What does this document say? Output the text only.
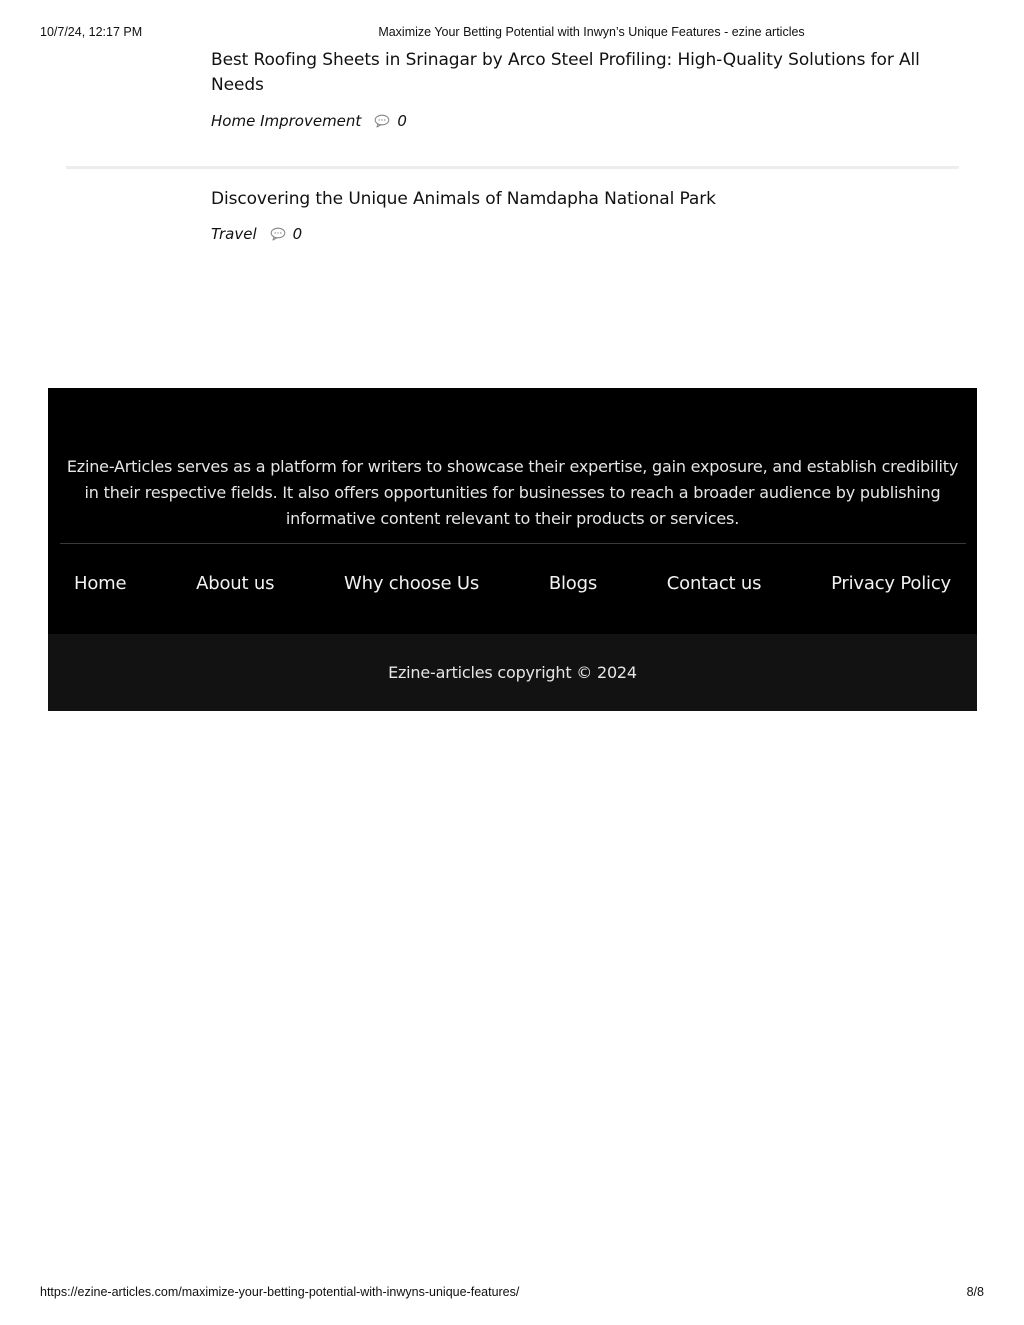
10/7/24, 12:17 PM	Maximize Your Betting Potential with Inwyn’s Unique Features - ezine articles
Best Roofing Sheets in Srinagar by Arco Steel Profiling: High-Quality Solutions for All Needs
Home Improvement 0
Discovering the Unique Animals of Namdapha National Park
Travel 0

Ezine-Articles serves as a platform for writers to showcase their expertise, gain exposure, and establish credibility in their respective fields. It also offers opportunities for businesses to reach a broader audience by publishing informative content relevant to their products or services.

Home	About us	Why choose Us	Blogs	Contact us	Privacy Policy
Ezine-articles copyright © 2024
https://ezine-articles.com/maximize-your-betting-potential-with-inwyns-unique-features/	8/8
